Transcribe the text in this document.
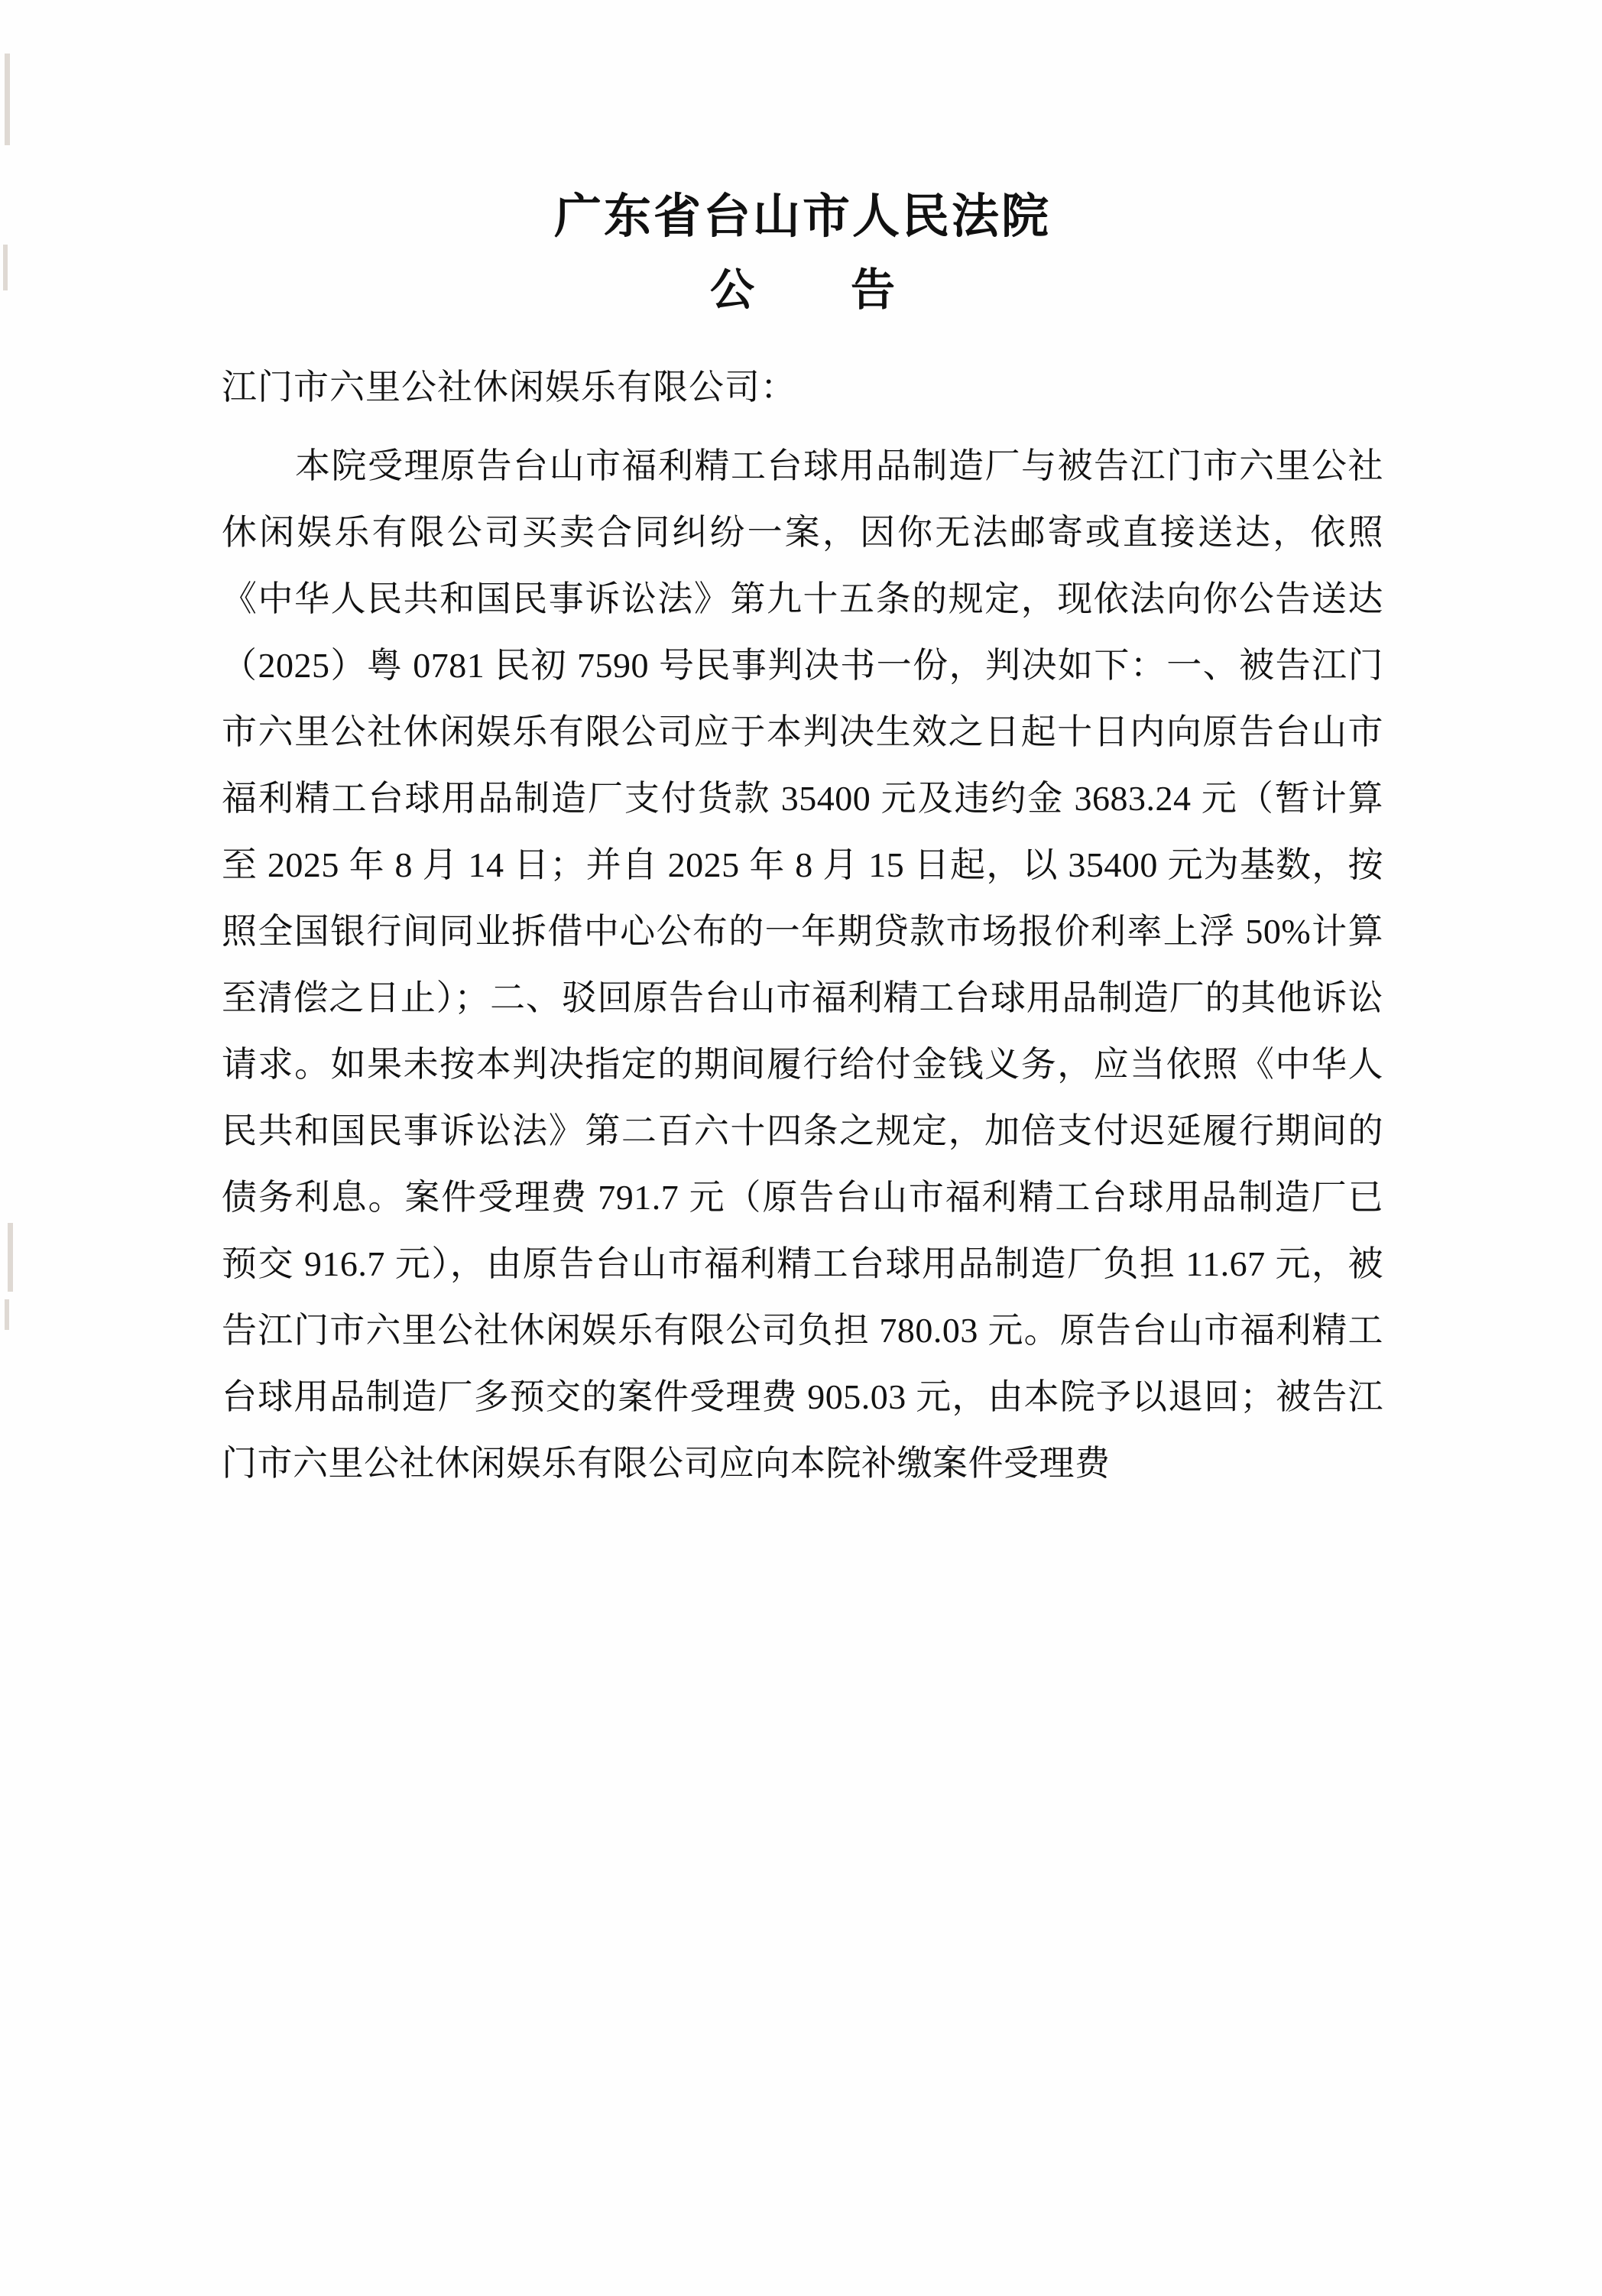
广东省台山市人民法院
公　告

江门市六里公社休闲娱乐有限公司：

本院受理原告台山市福利精工台球用品制造厂与被告江门市六里公社休闲娱乐有限公司买卖合同纠纷一案，因你无法邮寄或直接送达，依照《中华人民共和国民事诉讼法》第九十五条的规定，现依法向你公告送达（2025）粤 0781 民初 7590 号民事判决书一份，判决如下：一、被告江门市六里公社休闲娱乐有限公司应于本判决生效之日起十日内向原告台山市福利精工台球用品制造厂支付货款 35400 元及违约金 3683.24 元（暂计算至 2025 年 8 月 14 日；并自 2025 年 8 月 15 日起，以 35400 元为基数，按照全国银行间同业拆借中心公布的一年期贷款市场报价利率上浮 50%计算至清偿之日止）；二、驳回原告台山市福利精工台球用品制造厂的其他诉讼请求。如果未按本判决指定的期间履行给付金钱义务，应当依照《中华人民共和国民事诉讼法》第二百六十四条之规定，加倍支付迟延履行期间的债务利息。案件受理费 791.7 元（原告台山市福利精工台球用品制造厂已预交 916.7 元），由原告台山市福利精工台球用品制造厂负担 11.67 元，被告江门市六里公社休闲娱乐有限公司负担 780.03 元。原告台山市福利精工台球用品制造厂多预交的案件受理费 905.03 元，由本院予以退回；被告江门市六里公社休闲娱乐有限公司应向本院补缴案件受理费
